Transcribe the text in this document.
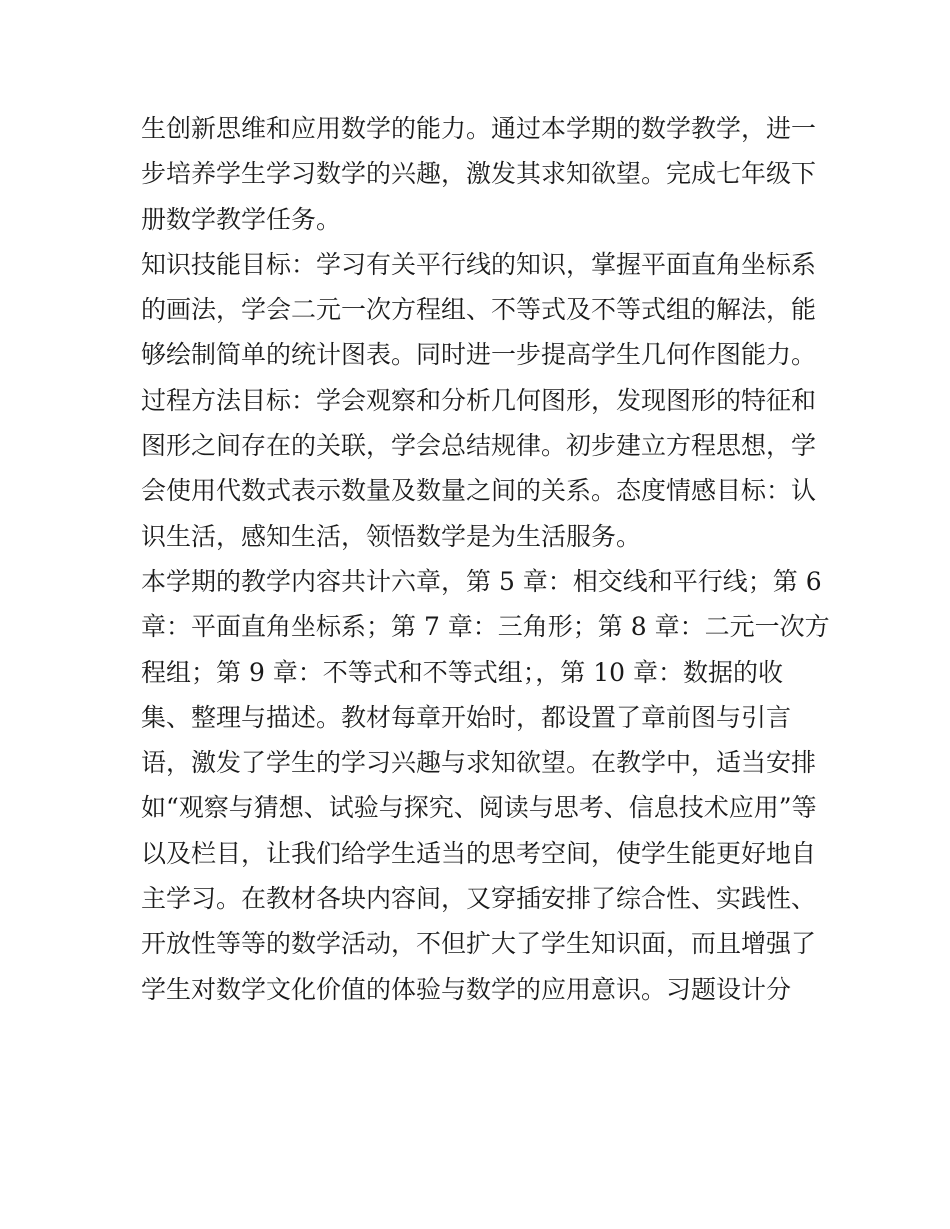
生创新思维和应用数学的能力。通过本学期的数学教学，进一
步培养学生学习数学的兴趣，激发其求知欲望。完成七年级下
册数学教学任务。
知识技能目标：学习有关平行线的知识，掌握平面直角坐标系
的画法，学会二元一次方程组、不等式及不等式组的解法，能
够绘制简单的统计图表。同时进一步提高学生几何作图能力。
过程方法目标：学会观察和分析几何图形，发现图形的特征和
图形之间存在的关联，学会总结规律。初步建立方程思想，学
会使用代数式表示数量及数量之间的关系。态度情感目标：认
识生活，感知生活，领悟数学是为生活服务。
本学期的教学内容共计六章，第 5 章：相交线和平行线；第 6
章：平面直角坐标系；第 7 章：三角形；第 8 章：二元一次方
程组；第 9 章：不等式和不等式组；，第 10 章：数据的收
集、整理与描述。教材每章开始时，都设置了章前图与引言
语，激发了学生的学习兴趣与求知欲望。在教学中，适当安排
如“观察与猜想、试验与探究、阅读与思考、信息技术应用”等
以及栏目，让我们给学生适当的思考空间，使学生能更好地自
主学习。在教材各块内容间，又穿插安排了综合性、实践性、
开放性等等的数学活动，不但扩大了学生知识面，而且增强了
学生对数学文化价值的体验与数学的应用意识。习题设计分
